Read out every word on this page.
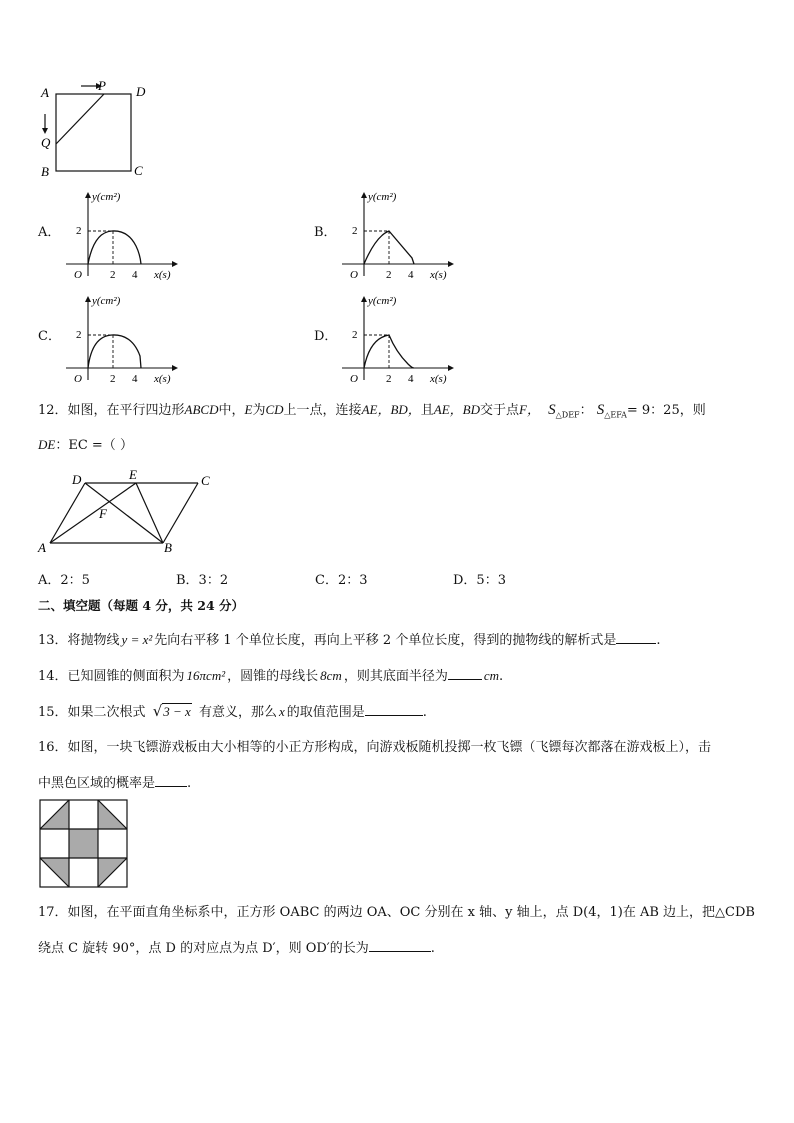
A	D
P
Q
B	C
A．
y(cm²)
2
O	2 4 x(s)
B．
y(cm²)
2
O	2 4 x(s)
C．
y(cm²)
2
O	2 4 x(s)
D．
y(cm²)
2
O	2 4 x(s)
12．如图，在平行四边形ABCD中，E为CD上一点，连接AE，BD，且AE，BD交于点F， $S_{\triangle DEF}$： $S_{\triangle EFA}= 9$：25，则
DE：EC =（ ）
D	E	C
F
A	B
A．2：5	B．3：2	C．2：3	D．5：3
二、填空题（每题 4 分，共 24 分）
13．将抛物线 y = x² 先向右平移 1 个单位长度，再向上平移 2 个单位长度，得到的抛物线的解析式是	.
14．已知圆锥的侧面积为 16πcm² ，圆锥的母线长 8cm ，则其底面半径为	cm.
15．如果二次根式 √3 − x 有意义，那么 x 的取值范围是	.
16．如图，一块飞镖游戏板由大小相等的小正方形构成，向游戏板随机投掷一枚飞镖（飞镖每次都落在游戏板上），击
中黑色区域的概率是 .
17．如图，在平面直角坐标系中，正方形 OABC 的两边 OA、OC 分别在 x 轴、y 轴上，点 D(4，1)在 AB 边上，把△CDB
绕点 C 旋转 90°，点 D 的对应点为点 D′，则 OD′的长为	.
